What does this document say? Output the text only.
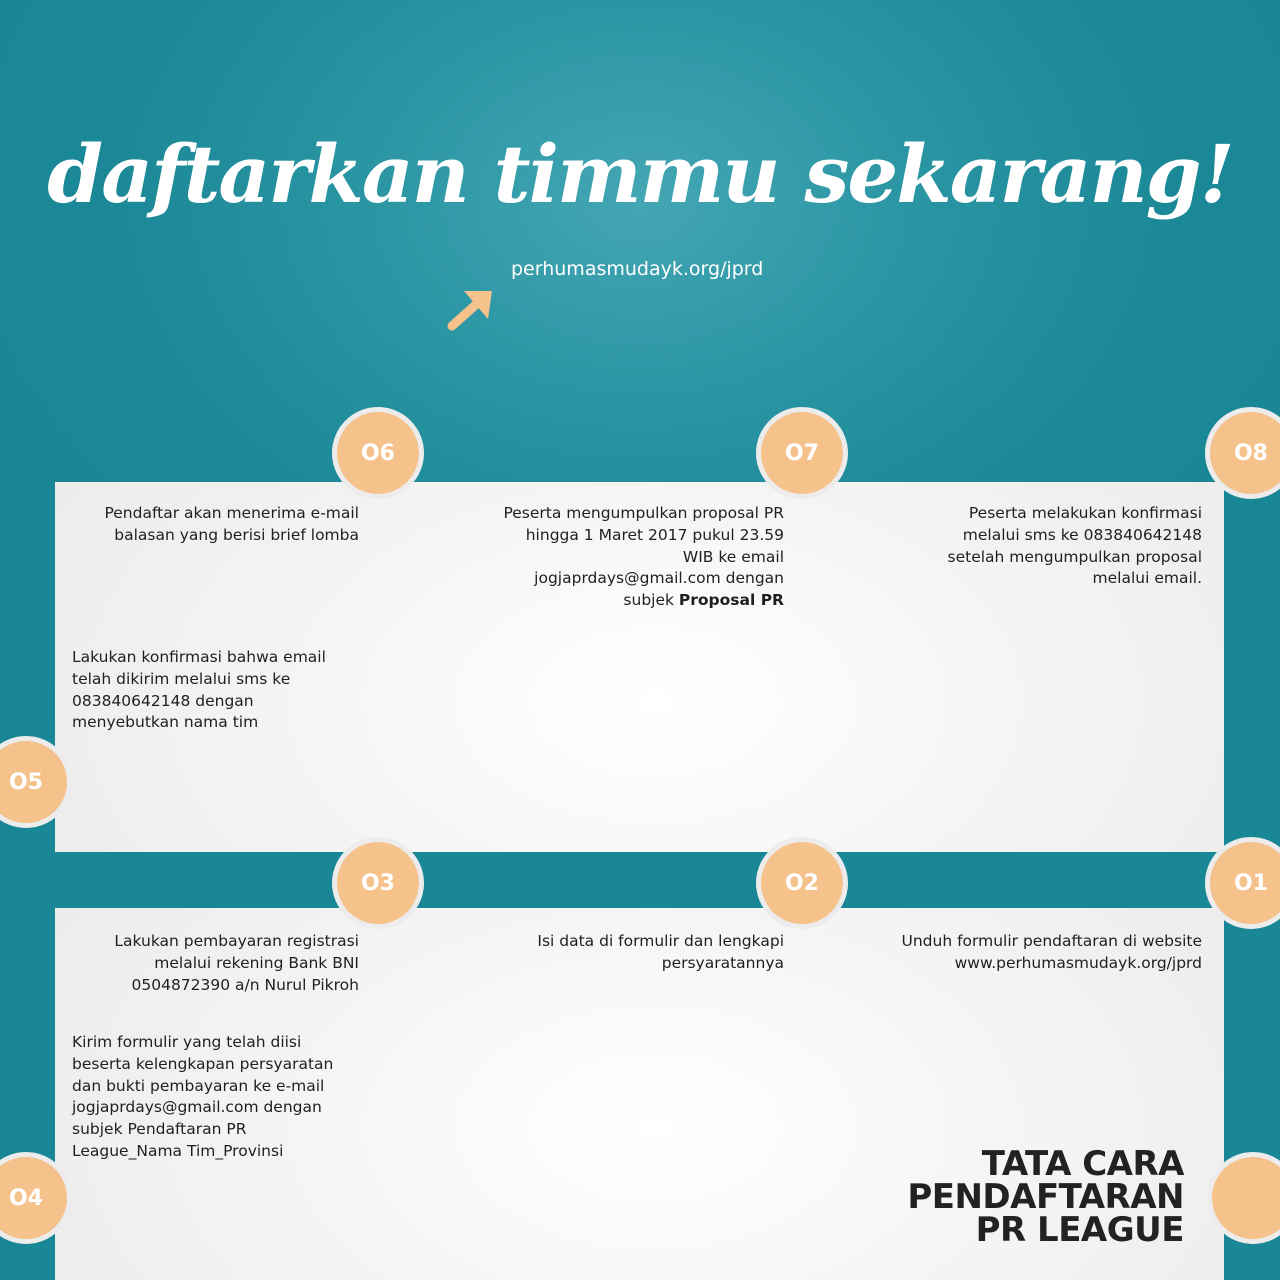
daftarkan timmu sekarang!
perhumasmudayk.org/jprd
Pendaftar akan menerima e-mail
balasan yang berisi brief lomba
Peserta mengumpulkan proposal PR
hingga 1 Maret 2017 pukul 23.59
WIB ke email
jogjaprdays@gmail.com dengan
subjek Proposal PR
Peserta melakukan konfirmasi
melalui sms ke 083840642148
setelah mengumpulkan proposal
melalui email.
Lakukan konfirmasi bahwa email
telah dikirim melalui sms ke
083840642148 dengan
menyebutkan nama tim
Lakukan pembayaran registrasi
melalui rekening Bank BNI
0504872390 a/n Nurul Pikroh
Isi data di formulir dan lengkapi
persyaratannya
Unduh formulir pendaftaran di website
www.perhumasmudayk.org/jprd
Kirim formulir yang telah diisi
beserta kelengkapan persyaratan
dan bukti pembayaran ke e-mail
jogjaprdays@gmail.com dengan
subjek Pendaftaran PR
League_Nama Tim_Provinsi
O6	O7	O8
O5
O3	O2	O1
O4
TATA CARA
PENDAFTARAN
PR LEAGUE
